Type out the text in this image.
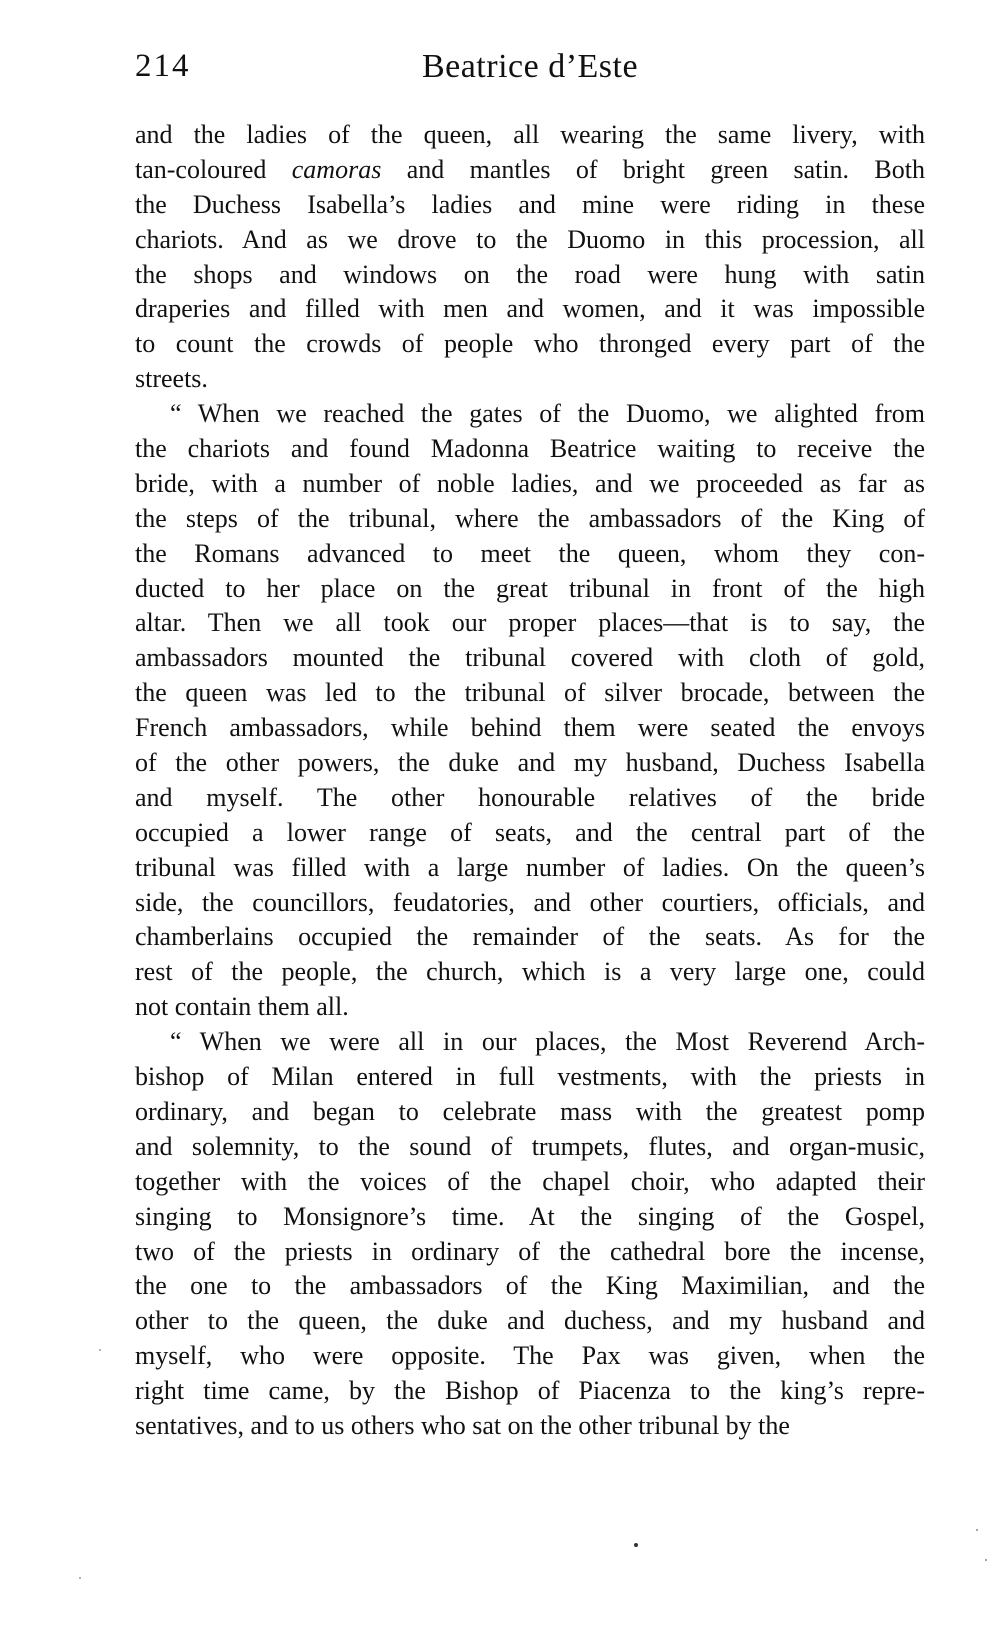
214	Beatrice d’Este
and the ladies of the queen, all wearing the same livery, with
tan-coloured camoras and mantles of bright green satin. Both
the Duchess Isabella’s ladies and mine were riding in these
chariots. And as we drove to the Duomo in this procession, all
the shops and windows on the road were hung with satin
draperies and filled with men and women, and it was impossible
to count the crowds of people who thronged every part of the
streets.
“ When we reached the gates of the Duomo, we alighted from
the chariots and found Madonna Beatrice waiting to receive the
bride, with a number of noble ladies, and we proceeded as far as
the steps of the tribunal, where the ambassadors of the King of
the Romans advanced to meet the queen, whom they con-
ducted to her place on the great tribunal in front of the high
altar. Then we all took our proper places—that is to say, the
ambassadors mounted the tribunal covered with cloth of gold,
the queen was led to the tribunal of silver brocade, between the
French ambassadors, while behind them were seated the envoys
of the other powers, the duke and my husband, Duchess Isabella
and myself. The other honourable relatives of the bride
occupied a lower range of seats, and the central part of the
tribunal was filled with a large number of ladies. On the queen’s
side, the councillors, feudatories, and other courtiers, officials, and
chamberlains occupied the remainder of the seats. As for the
rest of the people, the church, which is a very large one, could
not contain them all.
“ When we were all in our places, the Most Reverend Arch-
bishop of Milan entered in full vestments, with the priests in
ordinary, and began to celebrate mass with the greatest pomp
and solemnity, to the sound of trumpets, flutes, and organ-music,
together with the voices of the chapel choir, who adapted their
singing to Monsignore’s time. At the singing of the Gospel,
two of the priests in ordinary of the cathedral bore the incense,
the one to the ambassadors of the King Maximilian, and the
other to the queen, the duke and duchess, and my husband and
myself, who were opposite. The Pax was given, when the
right time came, by the Bishop of Piacenza to the king’s repre-
sentatives, and to us others who sat on the other tribunal by the
